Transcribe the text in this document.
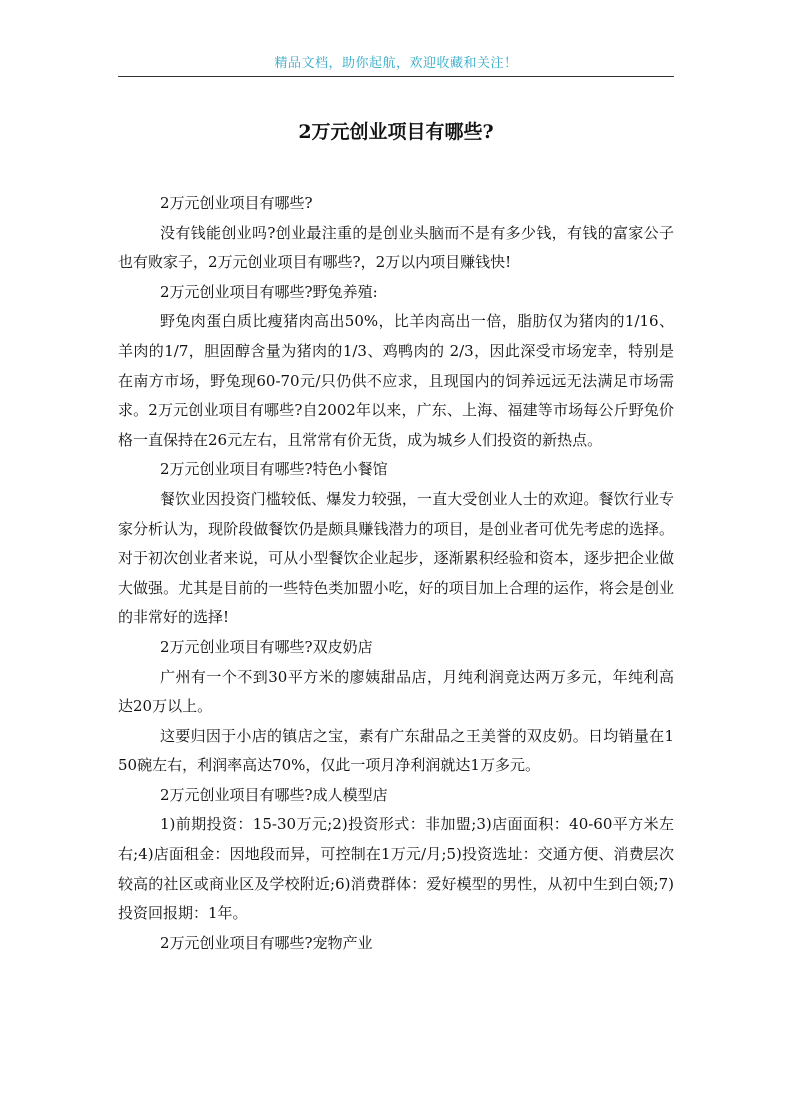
精品文档，助你起航，欢迎收藏和关注！
2万元创业项目有哪些?

2万元创业项目有哪些?

没有钱能创业吗?创业最注重的是创业头脑而不是有多少钱，有钱的富家公子也有败家子，2万元创业项目有哪些?，2万以内项目赚钱快!

2万元创业项目有哪些?野兔养殖:

野兔肉蛋白质比瘦猪肉高出50%，比羊肉高出一倍，脂肪仅为猪肉的1/16、羊肉的1/7，胆固醇含量为猪肉的1/3、鸡鸭肉的 2/3，因此深受市场宠幸，特别是在南方市场，野兔现60-70元/只仍供不应求，且现国内的饲养远远无法满足市场需求。2万元创业项目有哪些?自2002年以来，广东、上海、福建等市场每公斤野兔价格一直保持在26元左右，且常常有价无货，成为城乡人们投资的新热点。

2万元创业项目有哪些?特色小餐馆

餐饮业因投资门槛较低、爆发力较强，一直大受创业人士的欢迎。餐饮行业专家分析认为，现阶段做餐饮仍是颇具赚钱潜力的项目，是创业者可优先考虑的选择。对于初次创业者来说，可从小型餐饮企业起步，逐渐累积经验和资本，逐步把企业做大做强。尤其是目前的一些特色类加盟小吃，好的项目加上合理的运作，将会是创业的非常好的选择!

2万元创业项目有哪些?双皮奶店

广州有一个不到30平方米的廖姨甜品店，月纯利润竟达两万多元，年纯利高达20万以上。

这要归因于小店的镇店之宝，素有广东甜品之王美誉的双皮奶。日均销量在150碗左右，利润率高达70%，仅此一项月净利润就达1万多元。

2万元创业项目有哪些?成人模型店

1)前期投资：15-30万元;2)投资形式：非加盟;3)店面面积：40-60平方米左右;4)店面租金：因地段而异，可控制在1万元/月;5)投资选址：交通方便、消费层次较高的社区或商业区及学校附近;6)消费群体：爱好模型的男性，从初中生到白领;7)投资回报期：1年。

2万元创业项目有哪些?宠物产业
